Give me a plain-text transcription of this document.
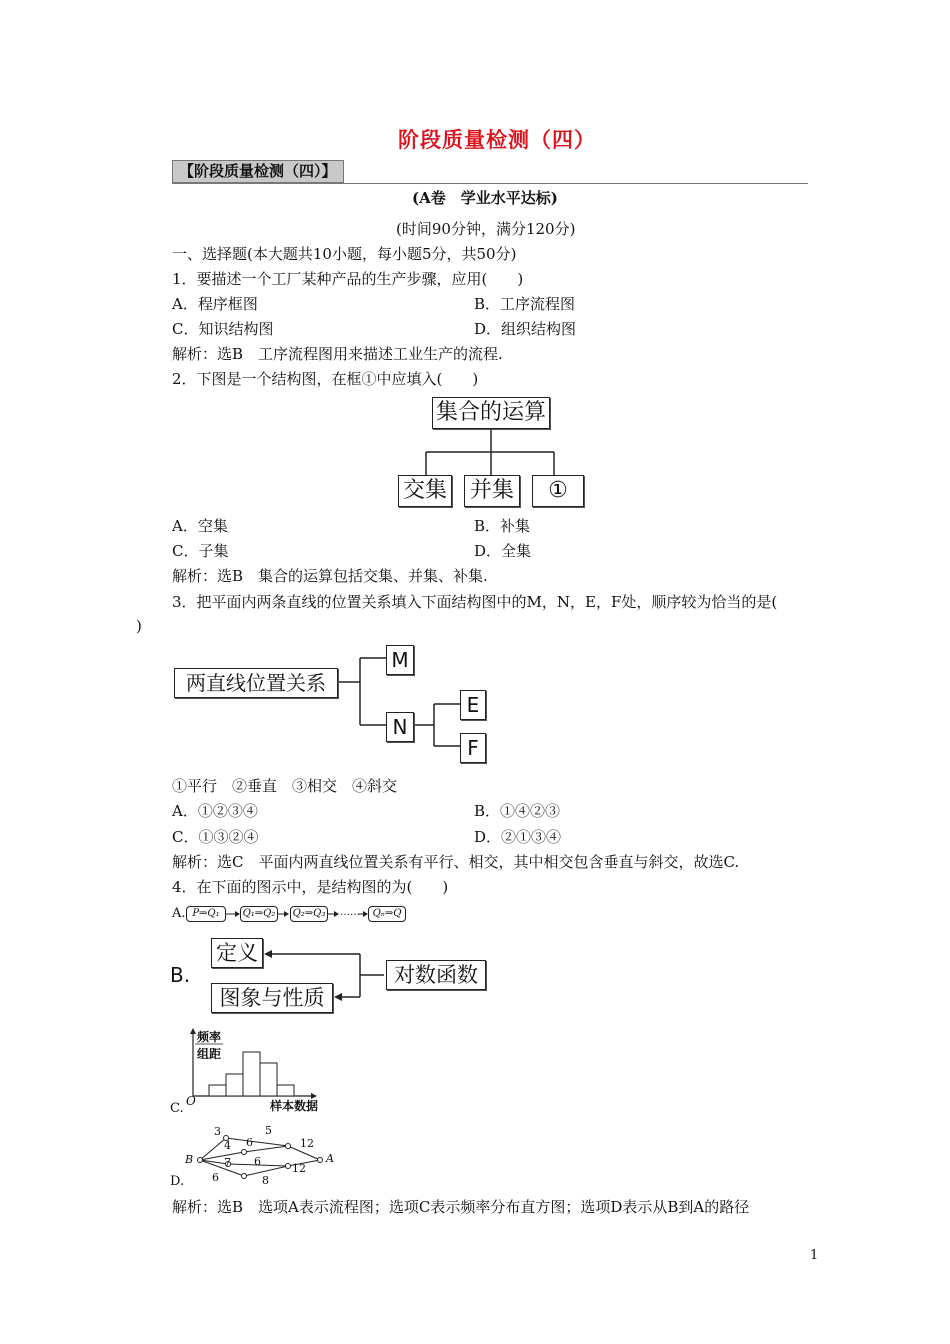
阶段质量检测（四）
【阶段质量检测（四）】
(A卷　学业水平达标)
(时间90分钟，满分120分)
一、选择题(本大题共10小题，每小题5分，共50分)
1．要描述一个工厂某种产品的生产步骤，应用(　　)
A．程序框图	B．工序流程图
C．知识结构图	D．组织结构图
解析：选B　工序流程图用来描述工业生产的流程.
2．下图是一个结构图，在框①中应填入(　　)
集合的运算
交集 并集	①
A．空集	B．补集
C．子集	D．全集
解析：选B　集合的运算包括交集、并集、补集.
3．把平面内两条直线的位置关系填入下面结构图中的M，N，E，F处，顺序较为恰当的是(
)
两直线位置关系
M
N
E
F
①平行　②垂直　③相交　④斜交
A．①②③④	B．①④②③
C．①③②④	D．②①③④
解析：选C　平面内两直线位置关系有平行、相交，其中相交包含垂直与斜交，故选C.
4．在下面的图示中，是结构图的为(　　)
A. P⇒Q₁	Q₁⇒Q₂ Q₂⇒Q₃ ……	Qₙ⇒Q
B.
定义
图象与性质
对数函数
C.
频率
组距
O	样本数据
D.
B	A
3	5
4 6	12
7 6
6
12
8
解析：选B　选项A表示流程图；选项C表示频率分布直方图；选项D表示从B到A的路径
1
